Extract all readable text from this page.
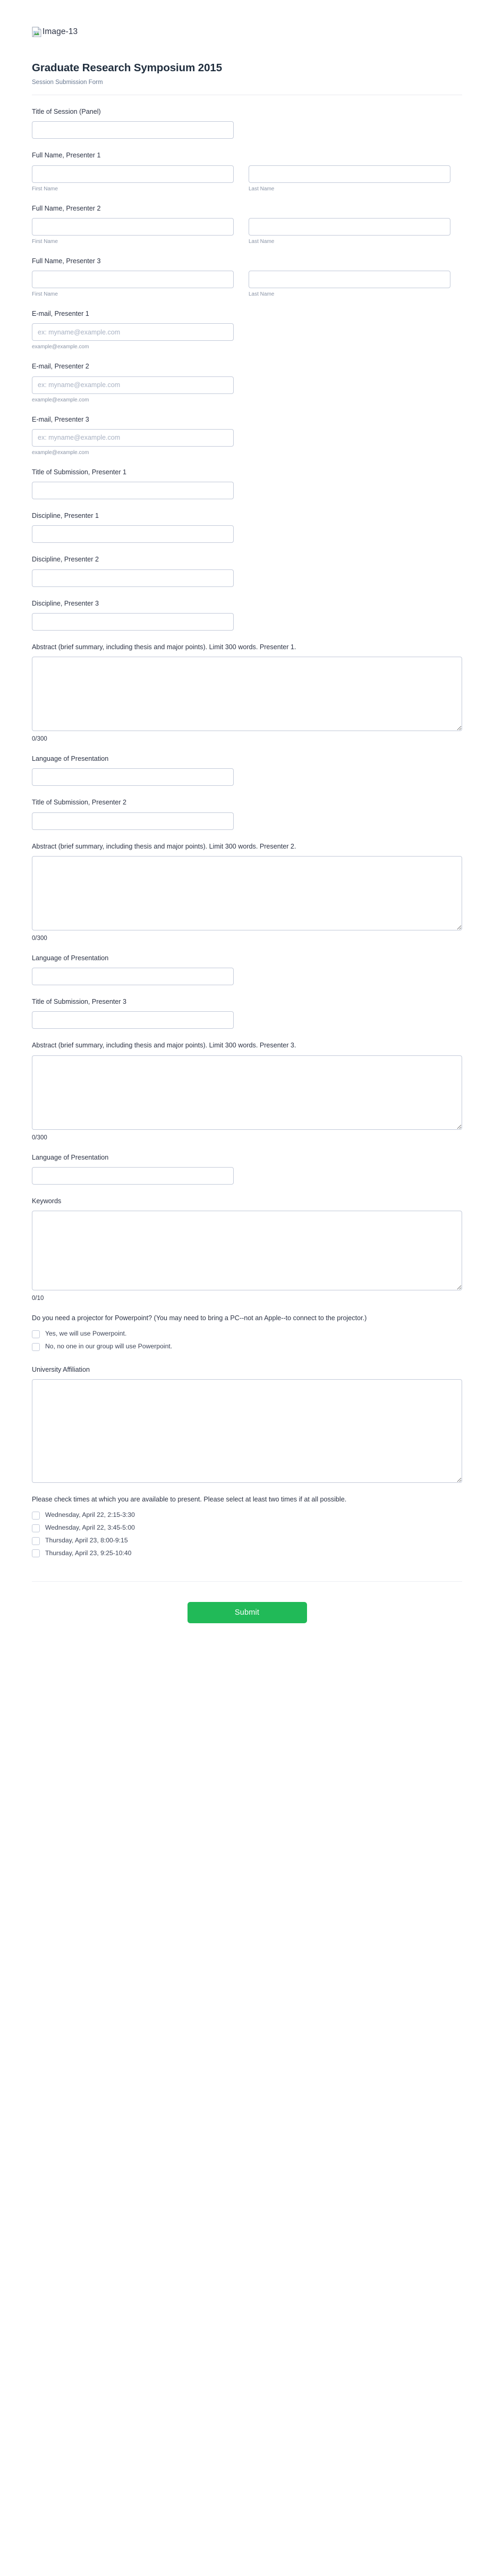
Image-13
Graduate Research Symposium 2015

Session Submission Form

Title of Session (Panel)
Full Name, Presenter 1
First Name	Last Name
Full Name, Presenter 2
First Name	Last Name
Full Name, Presenter 3
First Name	Last Name
E-mail, Presenter 1
ex: myname@example.com
example@example.com
E-mail, Presenter 2
ex: myname@example.com
example@example.com
E-mail, Presenter 3
ex: myname@example.com
example@example.com
Title of Submission, Presenter 1
Discipline, Presenter 1
Discipline, Presenter 2
Discipline, Presenter 3
Abstract (brief summary, including thesis and major points). Limit 300 words. Presenter 1.
0/300
Language of Presentation
Title of Submission, Presenter 2
Abstract (brief summary, including thesis and major points). Limit 300 words. Presenter 2.
0/300
Language of Presentation
Title of Submission, Presenter 3
Abstract (brief summary, including thesis and major points). Limit 300 words. Presenter 3.
0/300
Language of Presentation
Keywords
0/10
Do you need a projector for Powerpoint? (You may need to bring a PC--not an Apple--to connect to the projector.)
Yes, we will use Powerpoint.
No, no one in our group will use Powerpoint.
University Affiliation
Please check times at which you are available to present. Please select at least two times if at all possible.
Wednesday, April 22, 2:15-3:30
Wednesday, April 22, 3:45-5:00
Thursday, April 23, 8:00-9:15
Thursday, April 23, 9:25-10:40
Submit
